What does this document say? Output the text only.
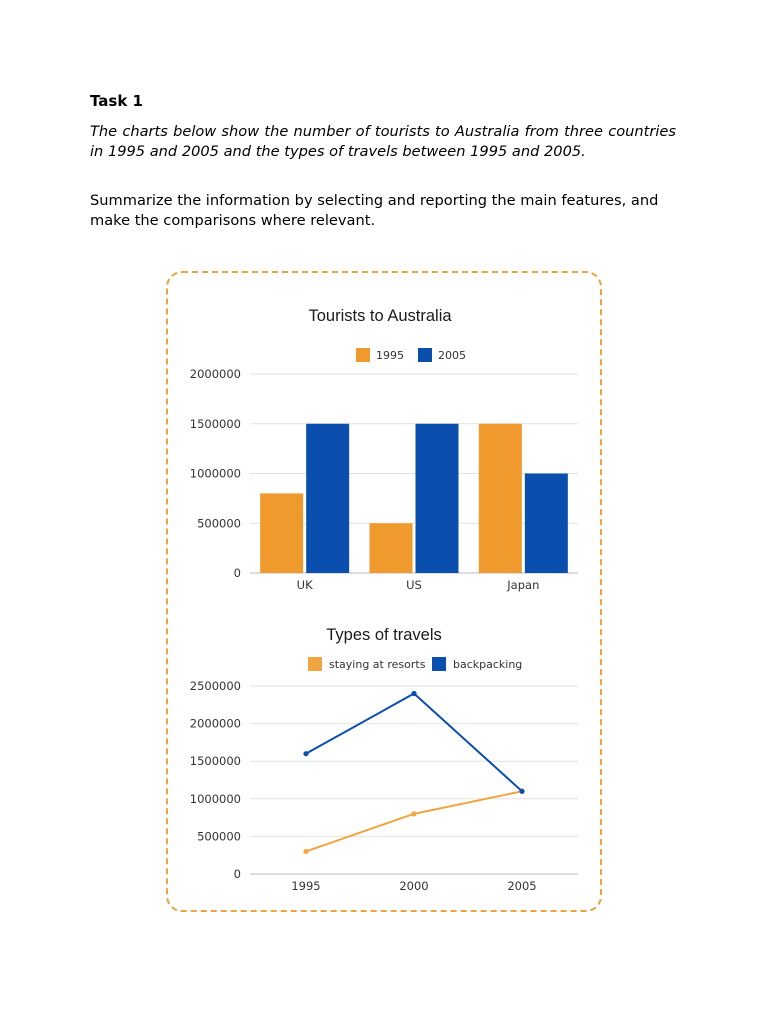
Task 1

The charts below show the number of tourists to Australia from three countries in 1995 and 2005 and the types of travels between 1995 and 2005.

Summarize the information by selecting and reporting the main features, and make the comparisons where relevant.

Tourists to Australia
1995	2005
0
500000
1000000
1500000
2000000
UK	US	Japan
Types of travels
staying at resorts	backpacking
0
500000
1000000
1500000
2000000
2500000
1995	2000	2005
